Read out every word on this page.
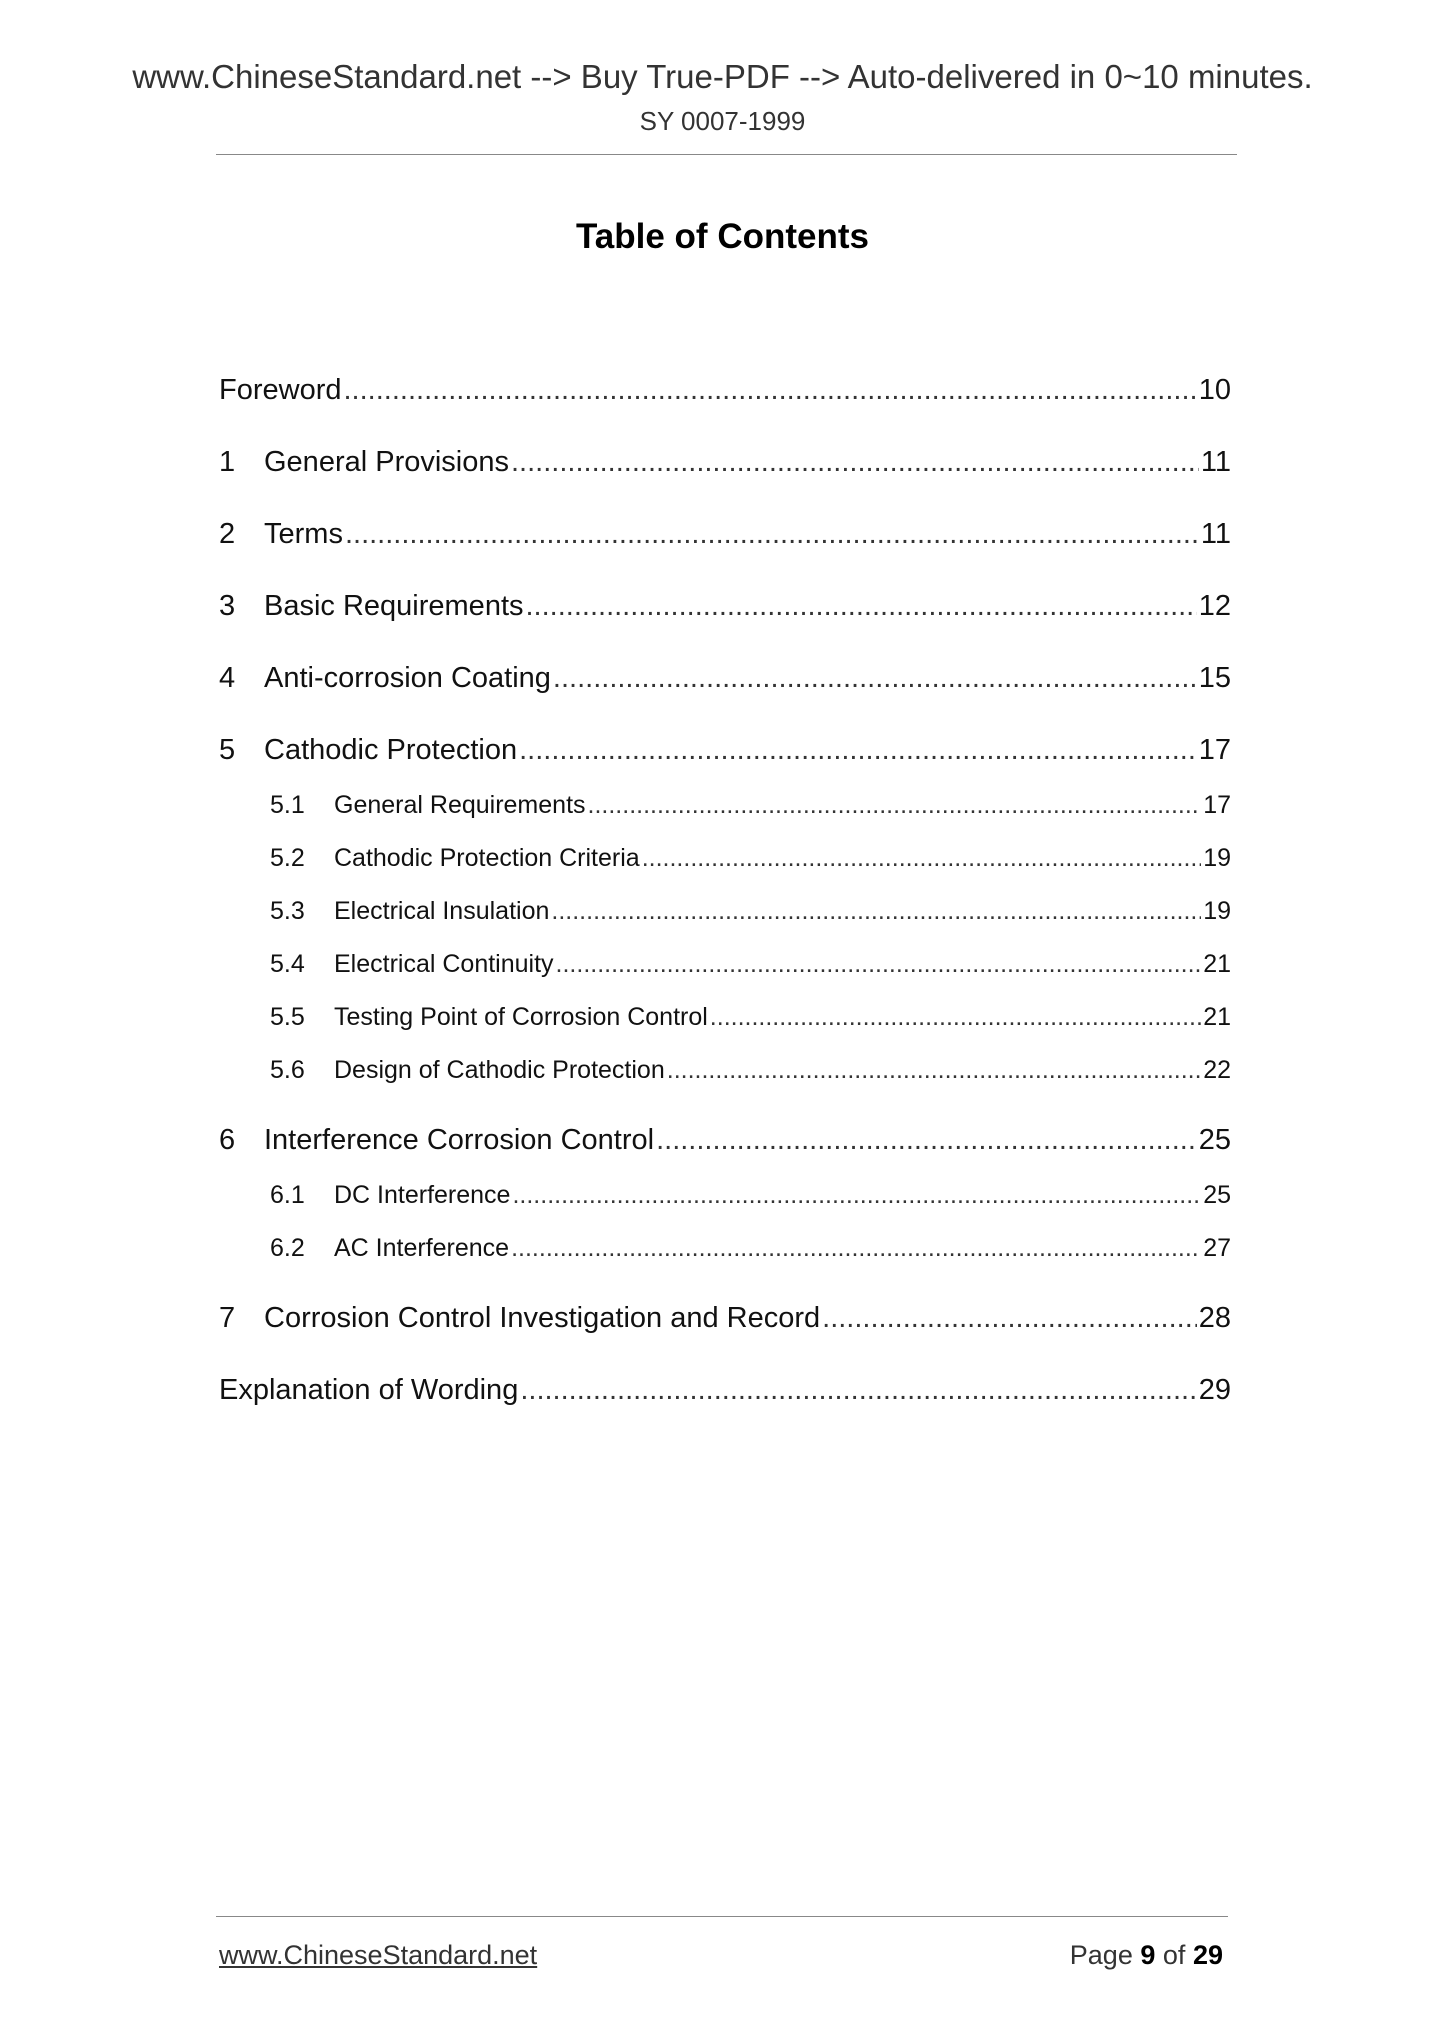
www.ChineseStandard.net --> Buy True-PDF --> Auto-delivered in 0~10 minutes.
SY 0007-1999
Table of Contents
Foreword .....	10
1 General Provisions .....	11
2 Terms .....	11
3 Basic Requirements .....	12
4 Anti-corrosion Coating .....	15
5 Cathodic Protection .....	17
5.1	General Requirements .....	17
5.2	Cathodic Protection Criteria .....	19
5.3	Electrical Insulation .....	19
5.4	Electrical Continuity .....	21
5.5	Testing Point of Corrosion Control .....	21
5.6	Design of Cathodic Protection .....	22
6 Interference Corrosion Control .....	25
6.1	DC Interference .....	25
6.2	AC Interference .....	27
7 Corrosion Control Investigation and Record .....	28
Explanation of Wording .....	29
www.ChineseStandard.net	Page 9 of 29
